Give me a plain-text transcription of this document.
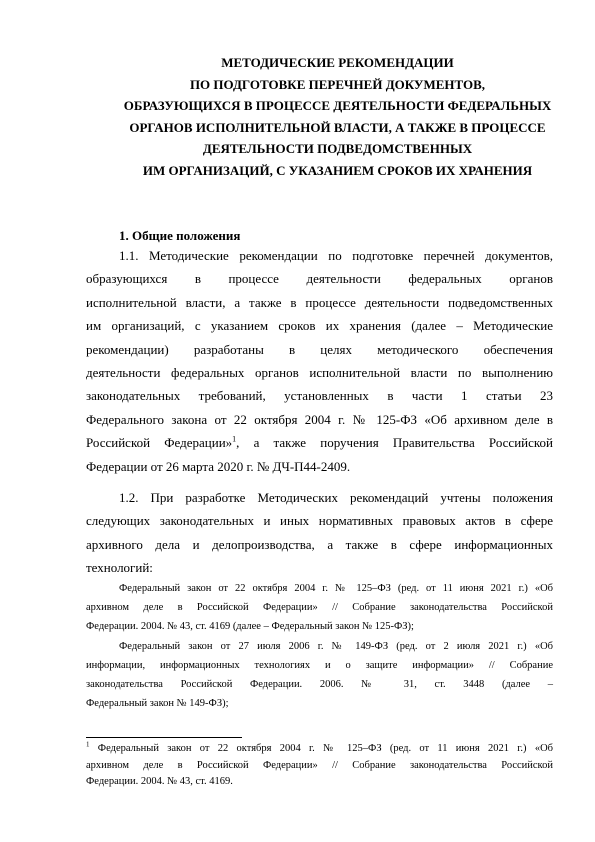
МЕТОДИЧЕСКИЕ РЕКОМЕНДАЦИИ
ПО ПОДГОТОВКЕ ПЕРЕЧНЕЙ ДОКУМЕНТОВ,
ОБРАЗУЮЩИХСЯ В ПРОЦЕССЕ ДЕЯТЕЛЬНОСТИ ФЕДЕРАЛЬНЫХ
ОРГАНОВ ИСПОЛНИТЕЛЬНОЙ ВЛАСТИ, А ТАКЖЕ В ПРОЦЕССЕ
ДЕЯТЕЛЬНОСТИ ПОДВЕДОМСТВЕННЫХ
ИМ ОРГАНИЗАЦИЙ, С УКАЗАНИЕМ СРОКОВ ИХ ХРАНЕНИЯ
1. Общие положения
1.1. Методические рекомендации по подготовке перечней документов,
образующихся в процессе деятельности федеральных органов
исполнительной власти, а также в процессе деятельности подведомственных
им организаций, с указанием сроков их хранения (далее – Методические
рекомендации) разработаны в целях методического обеспечения
деятельности федеральных органов исполнительной власти по выполнению
законодательных требований, установленных в части 1 статьи 23
Федерального закона от 22 октября 2004 г. № 125-ФЗ «Об архивном деле в
Российской Федерации»$^1$, а также поручения Правительства Российской
Федерации от 26 марта 2020 г. № ДЧ-П44-2409.
1.2. При разработке Методических рекомендаций учтены положения
следующих законодательных и иных нормативных правовых актов в сфере
архивного дела и делопроизводства, а также в сфере информационных
технологий:
Федеральный закон от 22 октября 2004 г. № 125–ФЗ (ред. от 11 июня 2021 г.) «Об
архивном деле в Российской Федерации» // Собрание законодательства Российской
Федерации. 2004. № 43, ст. 4169 (далее – Федеральный закон № 125-ФЗ);
Федеральный закон от 27 июля 2006 г. № 149-ФЗ (ред. от 2 июля 2021 г.) «Об
информации, информационных технологиях и о защите информации» // Собрание
законодательства Российской Федерации. 2006. № 31, ст. 3448 (далее –
Федеральный закон № 149-ФЗ);
$^1$ Федеральный закон от 22 октября 2004 г. № 125–ФЗ (ред. от 11 июня 2021 г.) «Об
архивном деле в Российской Федерации» // Собрание законодательства Российской
Федерации. 2004. № 43, ст. 4169.
